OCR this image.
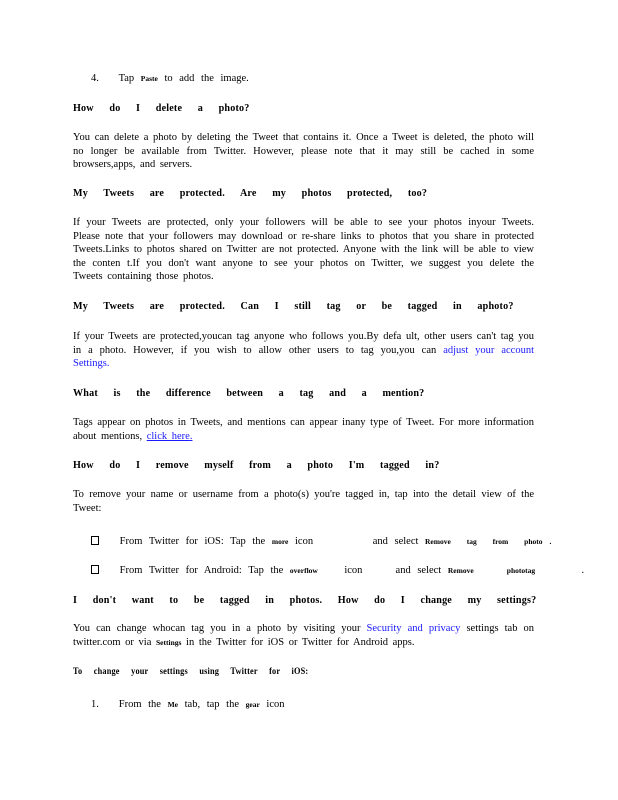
4. Tap Paste to add the image.
How do I delete a photo?
You can delete a photo by deleting the Tweet that contains it. Once a Tweet is deleted, the photo will no longer be available from Twitter. However, please note that it may still be cached in some browsers,apps, and servers.
My Tweets are protected. Are my photos protected, too?
If your Tweets are protected, only your followers will be able to see your photos inyour Tweets. Please note that your followers may download or re-share links to photos that you share in protected Tweets.Links to photos shared on Twitter are not protected. Anyone with the link will be able to view the conten t.If you don't want anyone to see your photos on Twitter, we suggest you delete the Tweets containing those photos.
My Tweets are protected. Can I still tag or be tagged in aphoto?
If your Tweets are protected,youcan tag anyone who follows you.By defa ult, other users can't tag you in a photo. However, if you wish to allow other users to tag you,you can adjust your account Settings.
What is the difference between a tag and a mention?
Tags appear on photos in Tweets, and mentions can appear inany type of Tweet. For more information about mentions, click here.
How do I remove myself from a photo I'm tagged in?
To remove your name or username from a photo(s) you're tagged in, tap into the detail view of the Tweet:
From Twitter for iOS: Tap the more icon	and select Remove tag from photo .
From Twitter for Android: Tap the overflow	icon	and select Remove	phototag	.
I don't want to be tagged in photos. How do I change my settings?
You can change whocan tag you in a photo by visiting your Security and privacy settings tab on twitter.com or via Settings in the Twitter for iOS or Twitter for Android apps.
To change your settings using Twitter for iOS:
1. From the Me tab, tap the gear icon
